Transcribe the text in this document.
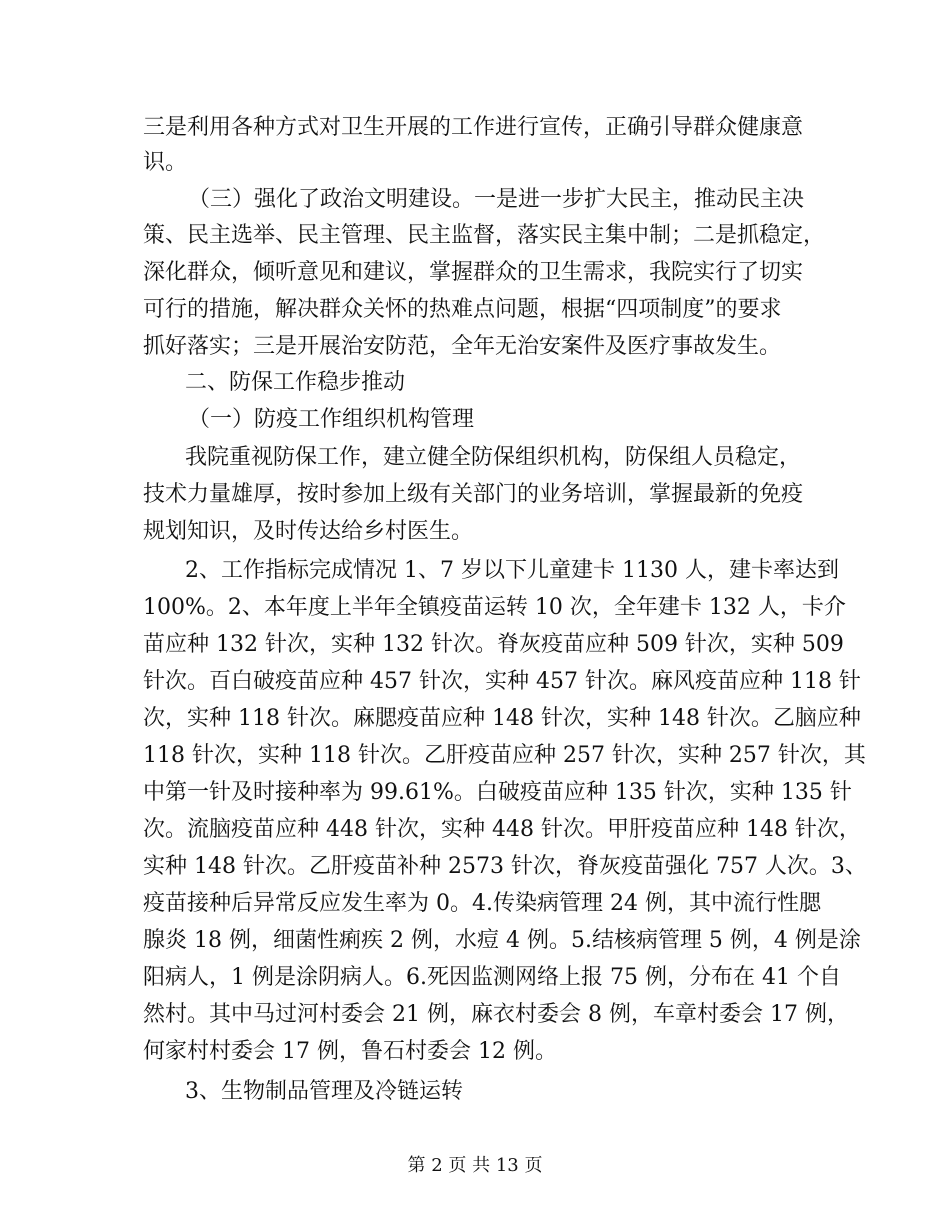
三是利用各种方式对卫生开展的工作进行宣传，正确引导群众健康意
识。
（三）强化了政治文明建设。一是进一步扩大民主，推动民主决
策、民主选举、民主管理、民主监督，落实民主集中制；二是抓稳定，
深化群众，倾听意见和建议，掌握群众的卫生需求，我院实行了切实
可行的措施，解决群众关怀的热难点问题，根据“四项制度”的要求
抓好落实；三是开展治安防范，全年无治安案件及医疗事故发生。
二、防保工作稳步推动
（一）防疫工作组织机构管理
我院重视防保工作，建立健全防保组织机构，防保组人员稳定，
技术力量雄厚，按时参加上级有关部门的业务培训，掌握最新的免疫
规划知识，及时传达给乡村医生。
2、工作指标完成情况 1、7 岁以下儿童建卡 1130 人，建卡率达到
100%。2、本年度上半年全镇疫苗运转 10 次，全年建卡 132 人，卡介
苗应种 132 针次，实种 132 针次。脊灰疫苗应种 509 针次，实种 509
针次。百白破疫苗应种 457 针次，实种 457 针次。麻风疫苗应种 118 针
次，实种 118 针次。麻腮疫苗应种 148 针次，实种 148 针次。乙脑应种
118 针次，实种 118 针次。乙肝疫苗应种 257 针次，实种 257 针次，其
中第一针及时接种率为 99.61%。白破疫苗应种 135 针次，实种 135 针
次。流脑疫苗应种 448 针次，实种 448 针次。甲肝疫苗应种 148 针次，
实种 148 针次。乙肝疫苗补种 2573 针次，脊灰疫苗强化 757 人次。3、
疫苗接种后异常反应发生率为 0。4.传染病管理 24 例，其中流行性腮
腺炎 18 例，细菌性痢疾 2 例，水痘 4 例。5.结核病管理 5 例，4 例是涂
阳病人，1 例是涂阴病人。6.死因监测网络上报 75 例，分布在 41 个自
然村。其中马过河村委会 21 例，麻衣村委会 8 例，车章村委会 17 例，
何家村村委会 17 例，鲁石村委会 12 例。
3、生物制品管理及冷链运转
第 2 页 共 13 页
